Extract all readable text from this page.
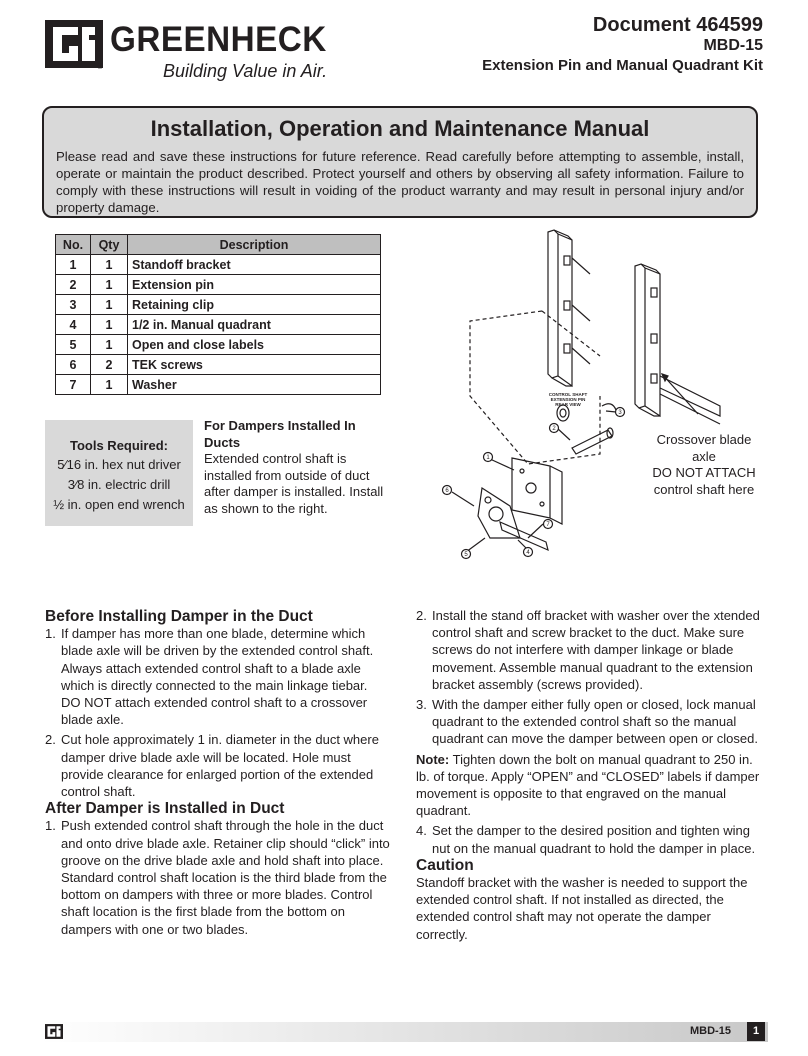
GREENHECK
®	Building Value in Air.
Document 464599
MBD-15
Extension Pin and Manual Quadrant Kit
Installation, Operation and Maintenance Manual

Please read and save these instructions for future reference. Read carefully before attempting to assemble, install, operate or maintain the product described. Protect yourself and others by observing all safety information. Failure to comply with these instructions will result in voiding of the product warranty and may result in personal injury and/or property damage.

No.	Qty	Description
1	1	Standoff bracket
2	1	Extension pin
3	1	Retaining clip
4	1	1/2 in. Manual quadrant
5	1	Open and close labels
6	2	TEK screws
7	1	Washer
Tools Required:
5⁄16 in. hex nut driver
3⁄8 in. electric drill
½ in. open end wrench
For Dampers Installed In Ducts
Extended control shaft is installed from outside of duct after damper is installed. Install as shown to the right.
1
2
3
4
5
6
7
CONTROL SHAFT
EXTENSION PIN
REAR VIEW
Crossover blade axle
DO NOT ATTACH control shaft here
Before Installing Damper in the Duct
1. If damper has more than one blade, determine which blade axle will be driven by the extended control shaft. Always attach extended control shaft to a blade axle which is directly connected to the main linkage tiebar. DO NOT attach extended control shaft to a crossover blade axle.
2. Cut hole approximately 1 in. diameter in the duct where damper drive blade axle will be located. Hole must provide clearance for enlarged portion of the extended control shaft.
After Damper is Installed in Duct
1. Push extended control shaft through the hole in the duct and onto drive blade axle. Retainer clip should “click” into groove on the drive blade axle and hold shaft into place. Standard control shaft location is the third blade from the bottom on dampers with three or more blades. Control shaft location is the first blade from the bottom on dampers with one or two blades.
2. Install the stand off bracket with washer over the xtended control shaft and screw bracket to the duct. Make sure screws do not interfere with damper linkage or blade movement. Assemble manual quadrant to the extension bracket assembly (screws provided).
3. With the damper either fully open or closed, lock manual quadrant to the extended control shaft so the manual quadrant can move the damper between open or closed.
Note: Tighten down the bolt on manual quadrant to 250 in. lb. of torque. Apply “OPEN” and “CLOSED” labels if damper movement is opposite to that engraved on the manual quadrant.
4. Set the damper to the desired position and tighten wing nut on the manual quadrant to hold the damper in place.
Caution
Standoff bracket with the washer is needed to support the extended control shaft. If not installed as directed, the extended control shaft may not operate the damper correctly.
MBD-15	1
